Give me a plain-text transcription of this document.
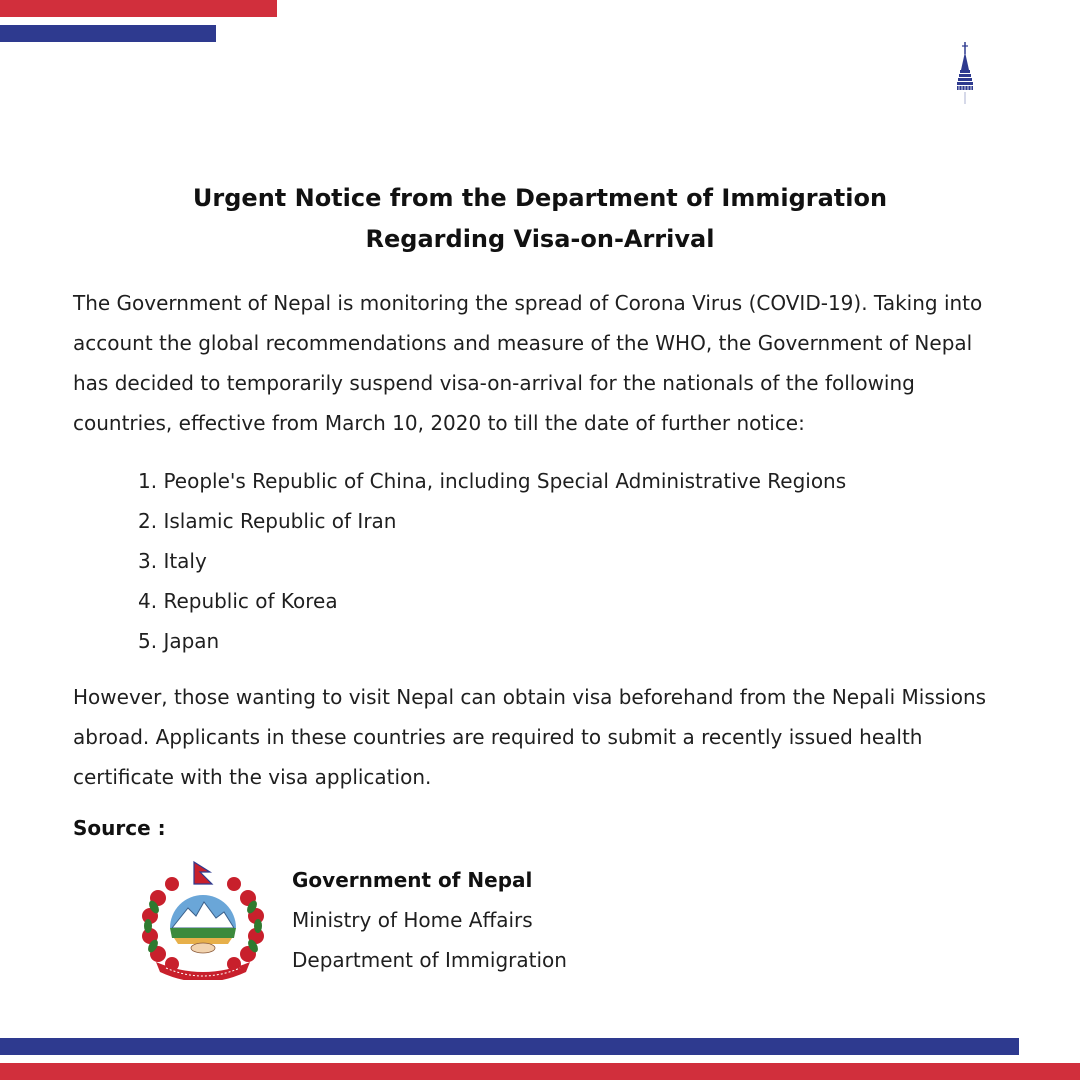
Urgent Notice from the Department of Immigration
Regarding Visa-on-Arrival

The Government of Nepal is monitoring the spread of Corona Virus (COVID-19). Taking into account the global recommendations and measure of the WHO, the Government of Nepal has decided to temporarily suspend visa-on-arrival for the nationals of the following countries, effective from March 10, 2020 to till the date of further notice:

1. People's Republic of China, including Special Administrative Regions
2. Islamic Republic of Iran
3. Italy
4. Republic of Korea
5. Japan

However, those wanting to visit Nepal can obtain visa beforehand from the Nepali Missions abroad. Applicants in these countries are required to submit a recently issued health certificate with the visa application.

Source :
Government of Nepal
Ministry of Home Affairs
Department of Immigration
